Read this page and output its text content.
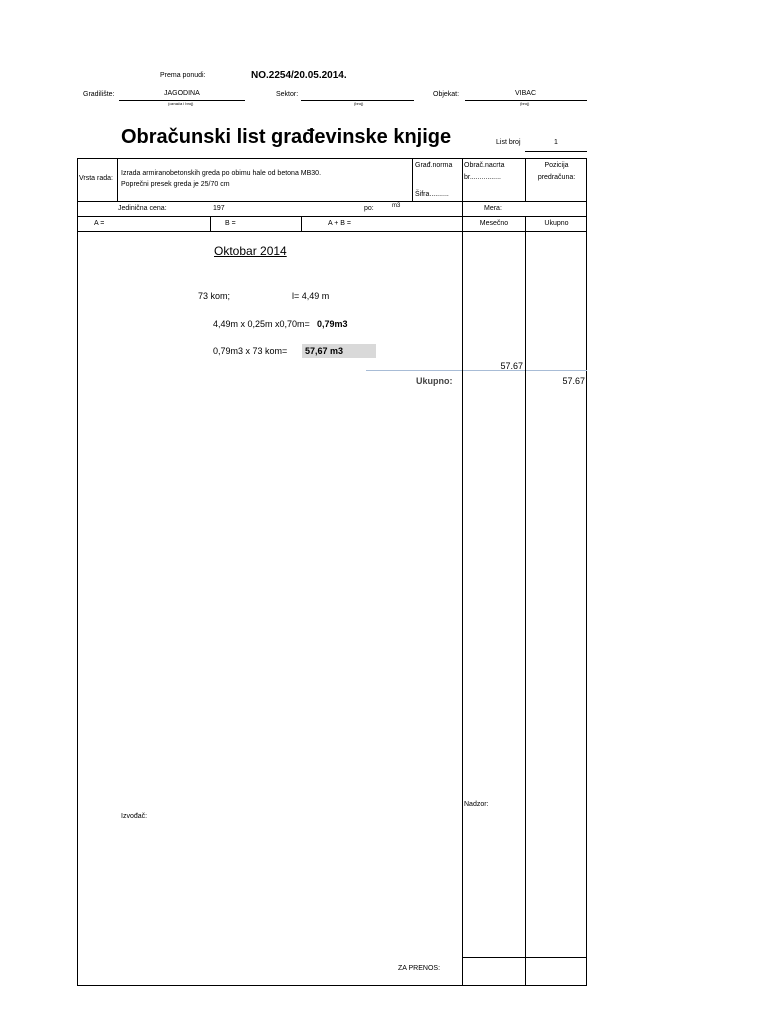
Prema ponudi:	NO.2254/20.05.2014.
Gradilište:	JAGODINA
(označa i broj)
Sektor:
(broj)
Objekat:	VIBAC
(broj)
Obračunski list građevinske knjige	List broj	1
Vrsta rada:
Izrada armiranobetonskih greda po obimu hale od betona MB30.
Poprečni presek greda je 25/70 cm
Građ.norma
Šifra..........
Obrač.nacrta
br................
Pozicija
predračuna:
Jedinična cena:	197	po:	m3	Mera:
A =	B =	A + B =	Mesečno	Ukupno
Oktobar 2014
73 kom;	l= 4,49 m
4,49m x 0,25m x0,70m= 0,79m3
0,79m3 x 73 kom= 57,67 m3
57.67
Ukupno:	57.67
Izvođač:
Nadzor:
ZA PRENOS:
